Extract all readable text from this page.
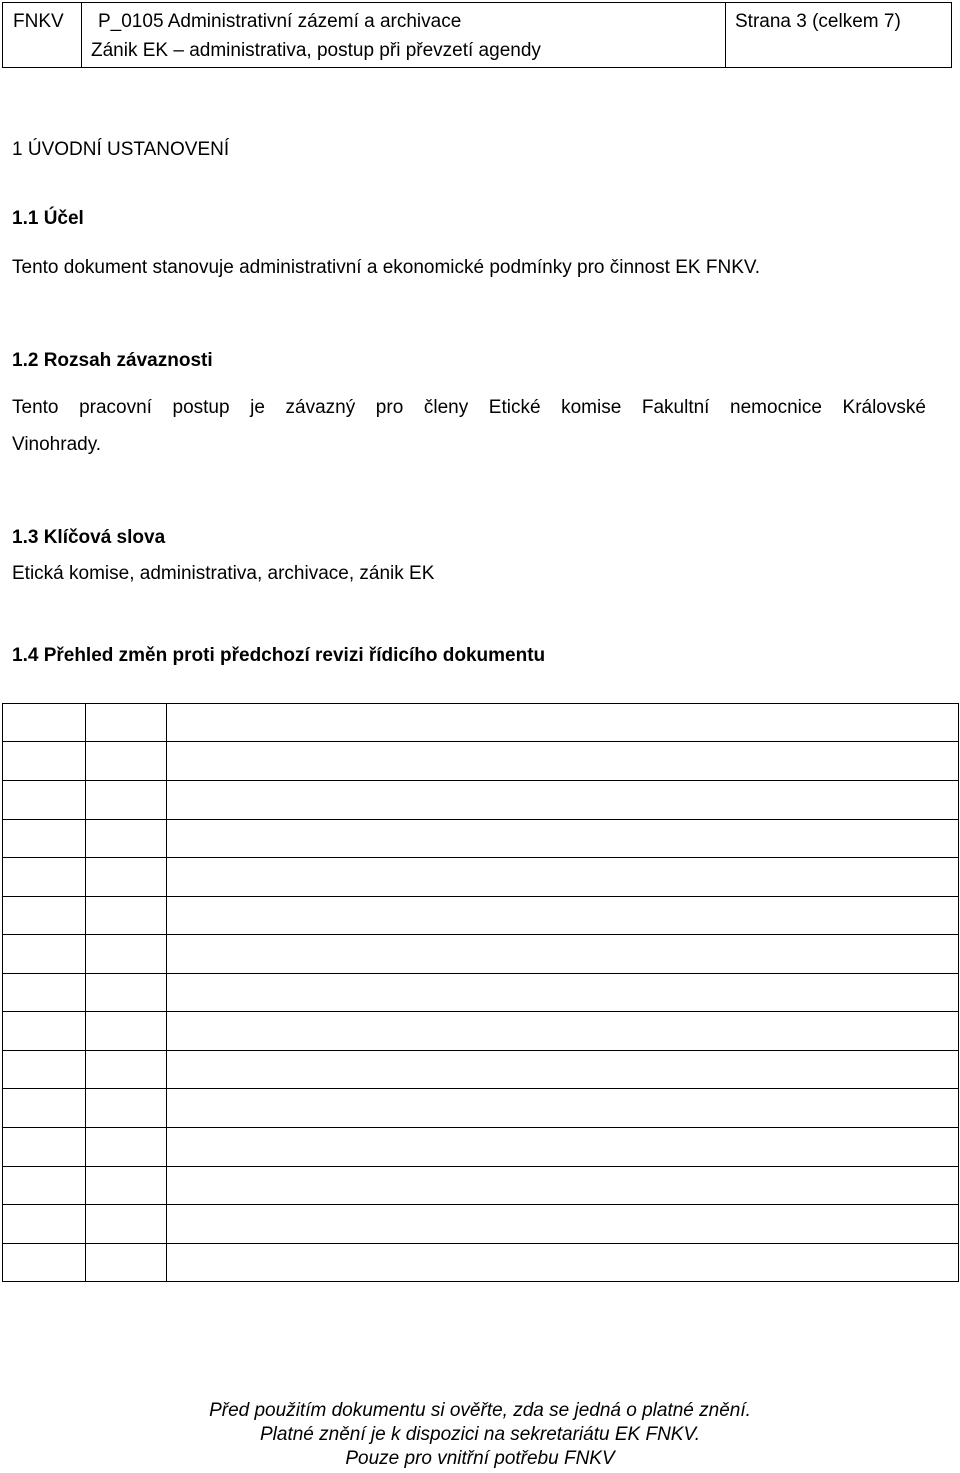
FNKV P_0105 Administrativní zázemí a archivace
Zánik EK – administrativa, postup při převzetí agendy
Strana 3 (celkem 7)
1 ÚVODNÍ USTANOVENÍ
1.1 Účel
Tento dokument stanovuje administrativní a ekonomické podmínky pro činnost EK FNKV.
1.2 Rozsah závaznosti
Tento pracovní postup je závazný pro členy Etické komise Fakultní nemocnice Královské
Vinohrady.
1.3 Klíčová slova
Etická komise, administrativa, archivace, zánik EK
1.4 Přehled změn proti předchozí revizi řídicího dokumentu
Před použitím dokumentu si ověřte, zda se jedná o platné znění.
Platné znění je k dispozici na sekretariátu EK FNKV.
Pouze pro vnitřní potřebu FNKV
